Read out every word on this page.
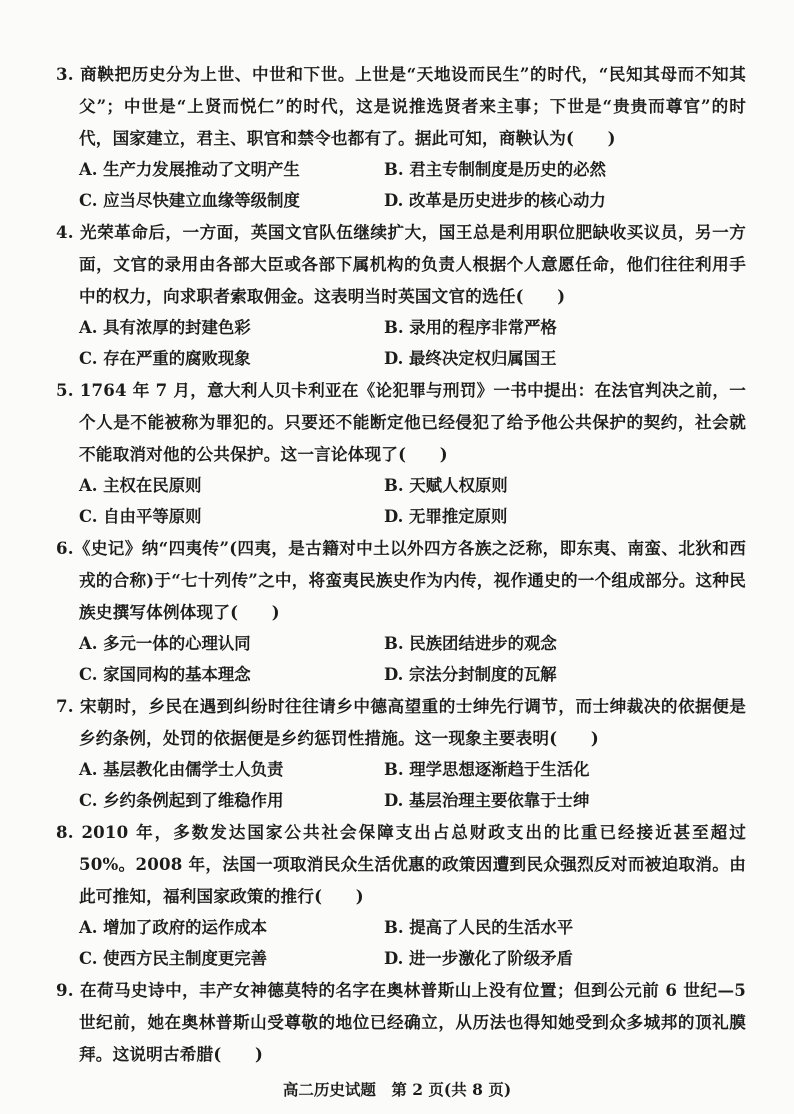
3. 商鞅把历史分为上世、中世和下世。上世是“天地设而民生”的时代，“民知其母而不知其父”；中世是“上贤而悦仁”的时代，这是说推选贤者来主事；下世是“贵贵而尊官”的时代，国家建立，君主、职官和禁令也都有了。据此可知，商鞅认为(　　)
A. 生产力发展推动了文明产生	B. 君主专制制度是历史的必然
C. 应当尽快建立血缘等级制度	D. 改革是历史进步的核心动力
4. 光荣革命后，一方面，英国文官队伍继续扩大，国王总是利用职位肥缺收买议员，另一方面，文官的录用由各部大臣或各部下属机构的负责人根据个人意愿任命，他们往往利用手中的权力，向求职者索取佣金。这表明当时英国文官的选任(　　)
A. 具有浓厚的封建色彩	B. 录用的程序非常严格
C. 存在严重的腐败现象	D. 最终决定权归属国王
5. 1764 年 7 月，意大利人贝卡利亚在《论犯罪与刑罚》一书中提出：在法官判决之前，一个人是不能被称为罪犯的。只要还不能断定他已经侵犯了给予他公共保护的契约，社会就不能取消对他的公共保护。这一言论体现了(　　)
A. 主权在民原则	B. 天赋人权原则
C. 自由平等原则	D. 无罪推定原则
6.《史记》纳“四夷传”(四夷，是古籍对中土以外四方各族之泛称，即东夷、南蛮、北狄和西戎的合称)于“七十列传”之中，将蛮夷民族史作为内传，视作通史的一个组成部分。这种民族史撰写体例体现了(　　)
A. 多元一体的心理认同	B. 民族团结进步的观念
C. 家国同构的基本理念	D. 宗法分封制度的瓦解
7. 宋朝时，乡民在遇到纠纷时往往请乡中德高望重的士绅先行调节，而士绅裁决的依据便是乡约条例，处罚的依据便是乡约惩罚性措施。这一现象主要表明(　　)
A. 基层教化由儒学士人负责	B. 理学思想逐渐趋于生活化
C. 乡约条例起到了维稳作用	D. 基层治理主要依靠于士绅
8. 2010 年，多数发达国家公共社会保障支出占总财政支出的比重已经接近甚至超过 50%。2008 年，法国一项取消民众生活优惠的政策因遭到民众强烈反对而被迫取消。由此可推知，福利国家政策的推行(　　)
A. 增加了政府的运作成本	B. 提高了人民的生活水平
C. 使西方民主制度更完善	D. 进一步激化了阶级矛盾
9. 在荷马史诗中，丰产女神德莫特的名字在奥林普斯山上没有位置；但到公元前 6 世纪—5 世纪前，她在奥林普斯山受尊敬的地位已经确立，从历法也得知她受到众多城邦的顶礼膜拜。这说明古希腊(　　)
高二历史试题　第 2 页(共 8 页)
